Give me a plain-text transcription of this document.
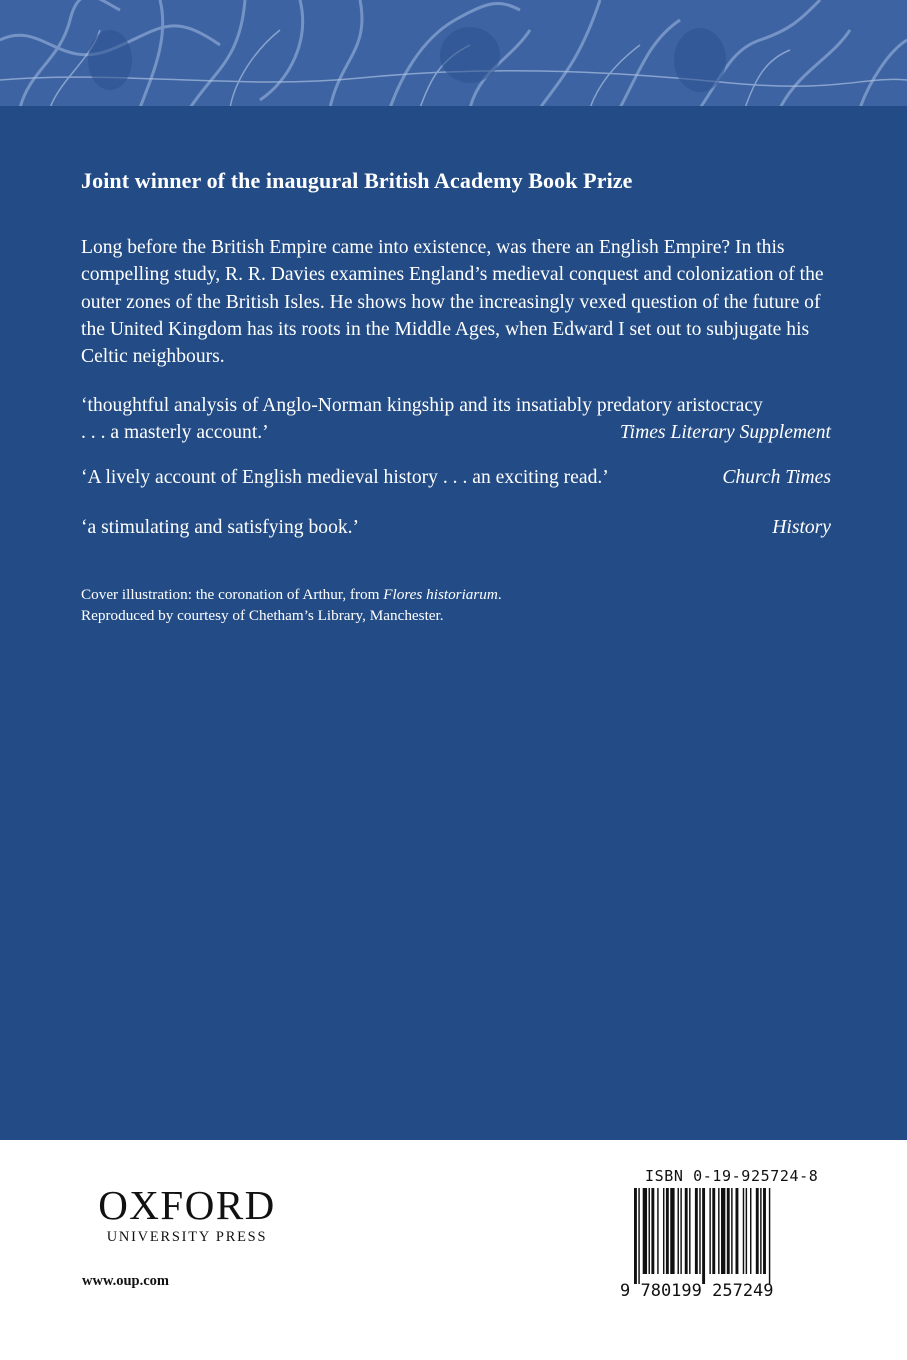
Joint winner of the inaugural British Academy Book Prize
Long before the British Empire came into existence, was there an English Empire? In this compelling study, R. R. Davies examines England’s medieval conquest and colonization of the outer zones of the British Isles. He shows how the increasingly vexed question of the future of the United Kingdom has its roots in the Middle Ages, when Edward I set out to subjugate his Celtic neighbours.
‘thoughtful analysis of Anglo-Norman kingship and its insatiably predatory aristocracy
. . . a masterly account.’	Times Literary Supplement
‘A lively account of English medieval history . . . an exciting read.’	Church Times
‘a stimulating and satisfying book.’	History
Cover illustration: the coronation of Arthur, from Flores historiarum.
Reproduced by courtesy of Chetham’s Library, Manchester.
OXFORD
UNIVERSITY PRESS
www.oup.com
ISBN 0-19-925724-8
9 780199 257249
